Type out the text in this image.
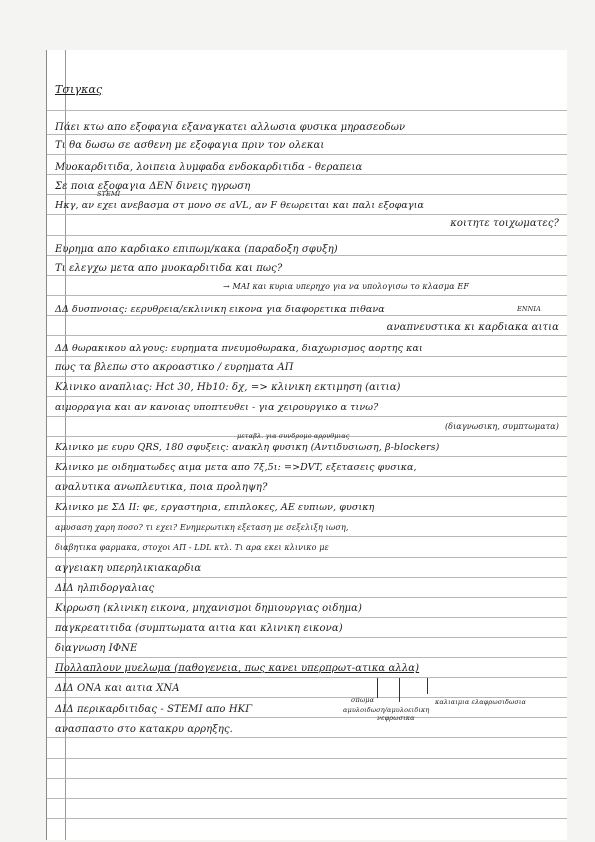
Τσιγκας
Πάει κτω απο εξοφαγια εξαναγκατει αλλωσια φυσικα μηρασεοδων
Τι θα δωσω σε ασθενη με εξοφαγια πριν τον ολεκαι
Μυοκαρδιτιδα, λοιπεια λυμφαδα ενδοκαρδιτιδα - θεραπεια
Σε ποια εξοφαγια ΔΕΝ δινεις ηγρωση
STEMI
Ηκγ, αν εχει ανεβασμα στ μονο σε aVL, αν F θεωρειται και παλι εξοφαγια
κοιτητε τοιχωματες?
Ευρημα απο καρδιακο επιπωμ/κακα (παραδοξη σφυξη)
Τι ελεγχω μετα απο μυοκαρδιτιδα και πως?
→ MAI και κυρια υπερηχο για να υπολογισω το κλασμα EF
ΔΔ δυσπνοιας: εερυθρεια/εκλινικη εικονα για διαφορετικα πιθανα
αναπνευστικα κι καρδιακα αιτια
ΔΔ θωρακικου αλγους: ευρηματα πνευμοθωρακα, διαχωρισμος αορτης και
πως τα βλεπω στο ακροαστικο / ευρηματα ΑΠ
Κλινικο αναπλιας: Hct 30, Hb10: δχ, => κλινικη εκτιμηση (αιτια)
αιμορραγια και αν κανοιας υποπτευθει - για χειρουργικο α τινω?
(διαγνωσικη, συμπτωματα)
μεταβλ. για συνδρομο αρρυθμιας
Κλινικο με ευρυ QRS, 180 σφυξεις: ανακλη φυσικη (Αντιδυσιωση, β-blockers)
Κλινικο με οιδηματωδες αιμα μετα απο 7ξ,5ι: =>DVT, εξετασεις φυσικα,
αναλυτικα ανωπλευτικα, ποια προληψη?
Κλινικο με ΣΔ ΙΙ: φε, εργαστηρια, επιπλοκες, ΑΕ ευπιων, φυσικη
αμυσαση χαρη ποσο? τι εχει? Ενημερωτικη εξεταση με σεξελιξη ιωση,
διαβητικα φαρμακα, στοχοι ΑΠ - LDL κτλ. Τι αρα εκει κλινικο με
αγγειακη υπερηλικιακαρδια
ΔΙΔ ηλπιδοργαλιας
Κιρρωση (κλινικη εικονα, μηχανισμοι δημιουργιας οιδημα)
παγκρεατιτιδα (συμπτωματα αιτια και κλινικη εικονα)
διαγνωση ΙΦΝΕ
Πολλαπλουν μυελωμα (παθογενεια, πως κανει υπερπρωτ-ατικα αλλα)
ΔΙΔ ΟΝΑ και αιτια ΧΝΑ
σπωμα
αμυλοιδωση/αμυλοειδικη
νεφρωσικα
καλιαιμια ελαφρωσιδωσια
ΔΙΔ περικαρδιτιδας - STEMI απο ΗΚΓ
ανασπαστο στο κατακρυ αρρηξης.
ΕΝΝΙΑ
